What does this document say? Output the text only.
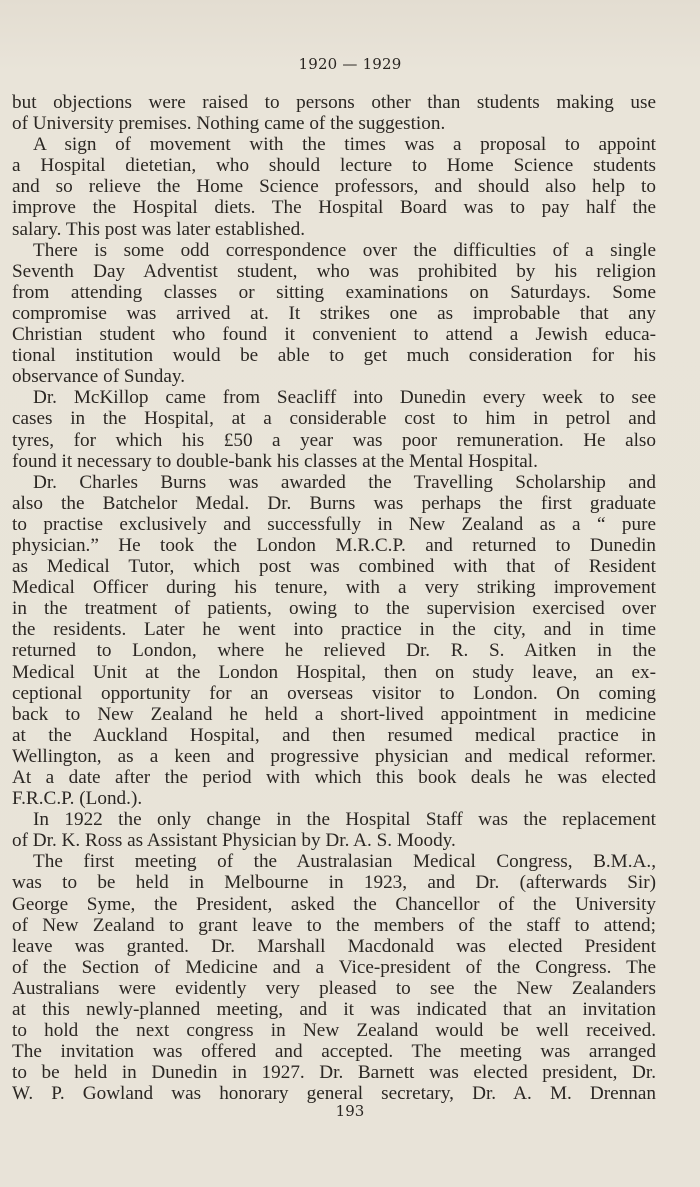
1920 — 1929
but objections were raised to persons other than students making use
of University premises. Nothing came of the suggestion.
A sign of movement with the times was a proposal to appoint
a Hospital dietetian, who should lecture to Home Science students
and so relieve the Home Science professors, and should also help to
improve the Hospital diets. The Hospital Board was to pay half the
salary. This post was later established.
There is some odd correspondence over the difficulties of a single
Seventh Day Adventist student, who was prohibited by his religion
from attending classes or sitting examinations on Saturdays. Some
compromise was arrived at. It strikes one as improbable that any
Christian student who found it convenient to attend a Jewish educa-
tional institution would be able to get much consideration for his
observance of Sunday.
Dr. McKillop came from Seacliff into Dunedin every week to see
cases in the Hospital, at a considerable cost to him in petrol and
tyres, for which his £50 a year was poor remuneration. He also
found it necessary to double-bank his classes at the Mental Hospital.
Dr. Charles Burns was awarded the Travelling Scholarship and
also the Batchelor Medal. Dr. Burns was perhaps the first graduate
to practise exclusively and successfully in New Zealand as a “ pure
physician.” He took the London M.R.C.P. and returned to Dunedin
as Medical Tutor, which post was combined with that of Resident
Medical Officer during his tenure, with a very striking improvement
in the treatment of patients, owing to the supervision exercised over
the residents. Later he went into practice in the city, and in time
returned to London, where he relieved Dr. R. S. Aitken in the
Medical Unit at the London Hospital, then on study leave, an ex-
ceptional opportunity for an overseas visitor to London. On coming
back to New Zealand he held a short-lived appointment in medicine
at the Auckland Hospital, and then resumed medical practice in
Wellington, as a keen and progressive physician and medical reformer.
At a date after the period with which this book deals he was elected
F.R.C.P. (Lond.).
In 1922 the only change in the Hospital Staff was the replacement
of Dr. K. Ross as Assistant Physician by Dr. A. S. Moody.
The first meeting of the Australasian Medical Congress, B.M.A.,
was to be held in Melbourne in 1923, and Dr. (afterwards Sir)
George Syme, the President, asked the Chancellor of the University
of New Zealand to grant leave to the members of the staff to attend;
leave was granted. Dr. Marshall Macdonald was elected President
of the Section of Medicine and a Vice-president of the Congress. The
Australians were evidently very pleased to see the New Zealanders
at this newly-planned meeting, and it was indicated that an invitation
to hold the next congress in New Zealand would be well received.
The invitation was offered and accepted. The meeting was arranged
to be held in Dunedin in 1927. Dr. Barnett was elected president, Dr.
W. P. Gowland was honorary general secretary, Dr. A. M. Drennan
193
